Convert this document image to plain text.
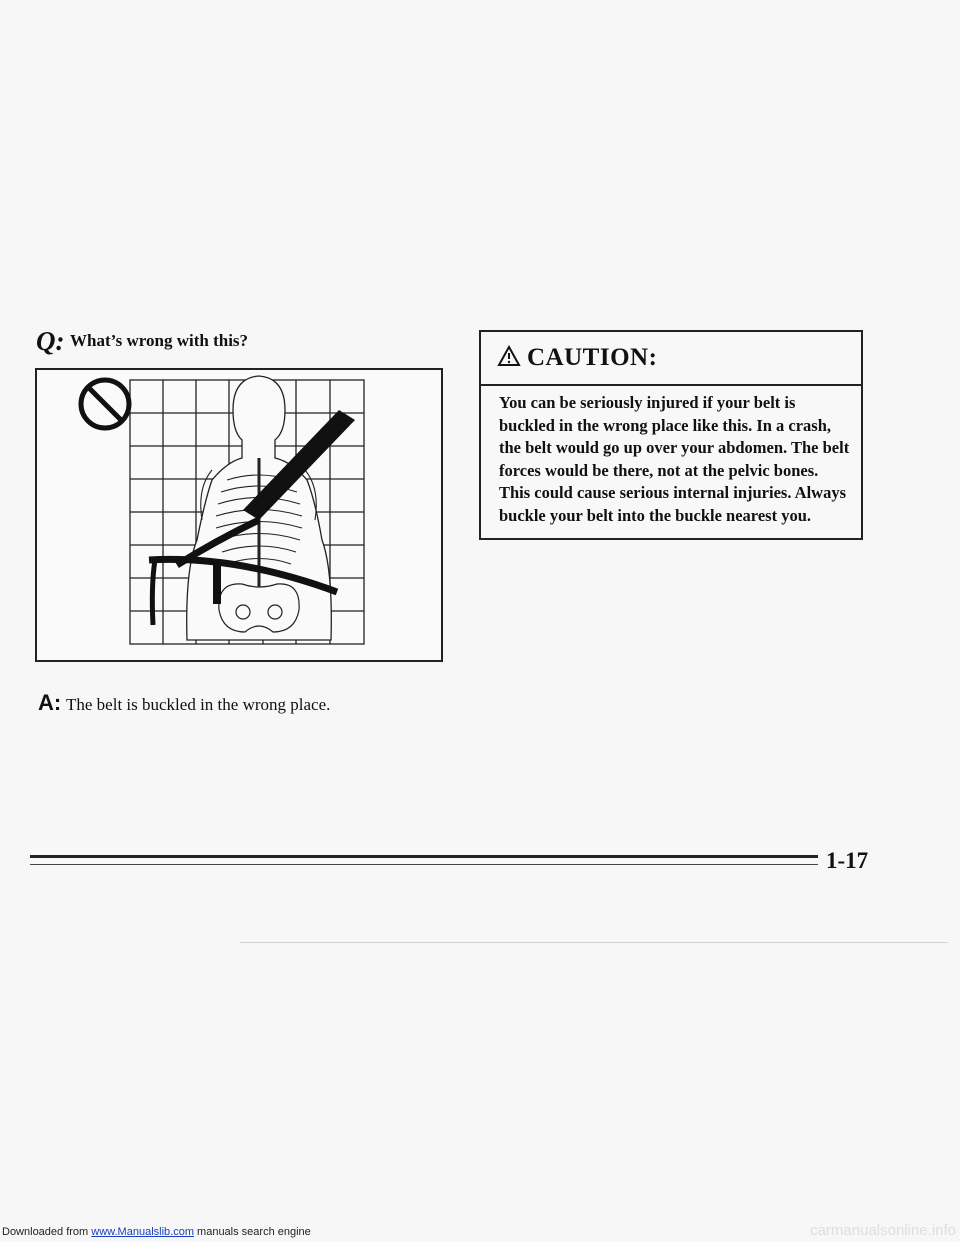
Q: What’s wrong with this?
A: The belt is buckled in the wrong place.
CAUTION:
You can be seriously injured if your belt is buckled in the wrong place like this. In a crash, the belt would go up over your abdomen. The belt forces would be there, not at the pelvic bones. This could cause serious internal injuries. Always buckle your belt into the buckle nearest you.
1-17
Downloaded from www.Manualslib.com manuals search engine	carmanualsonline.info
